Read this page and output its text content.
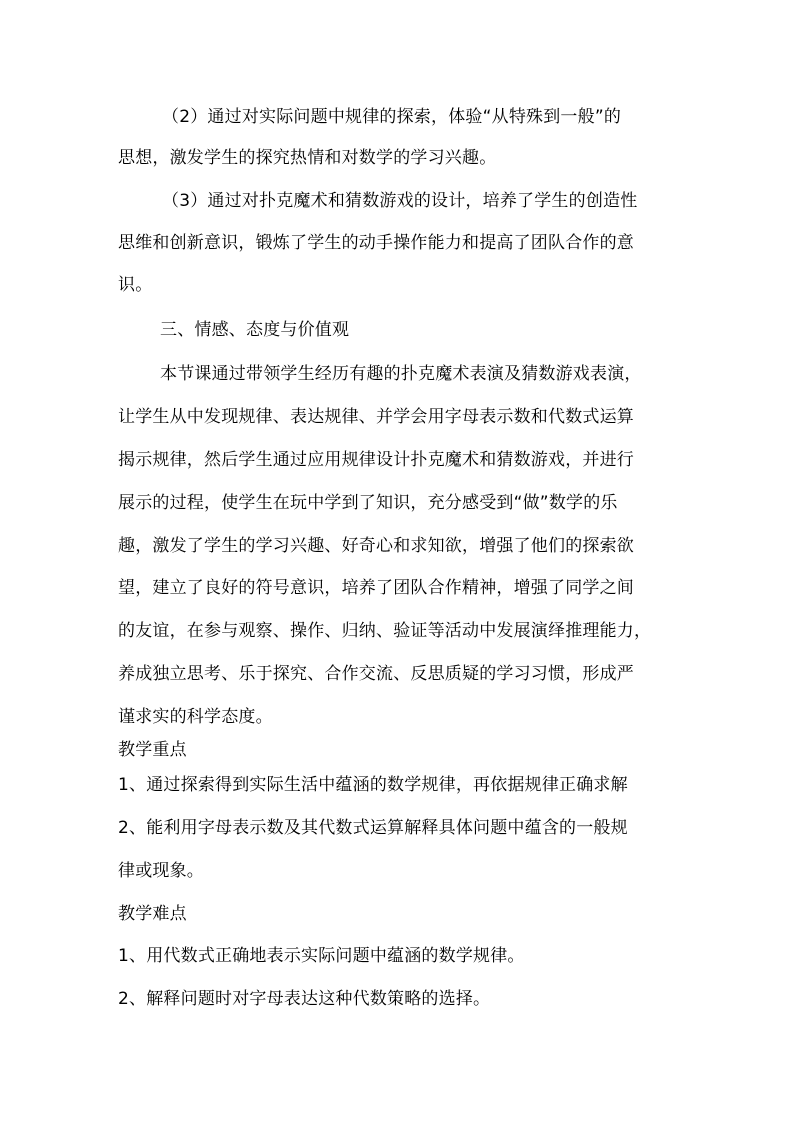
（2）通过对实际问题中规律的探索，体验“从特殊到一般”的
思想，激发学生的探究热情和对数学的学习兴趣。
（3）通过对扑克魔术和猜数游戏的设计，培养了学生的创造性
思维和创新意识，锻炼了学生的动手操作能力和提高了团队合作的意
识。
三、情感、态度与价值观
本节课通过带领学生经历有趣的扑克魔术表演及猜数游戏表演，
让学生从中发现规律、表达规律、并学会用字母表示数和代数式运算
揭示规律，然后学生通过应用规律设计扑克魔术和猜数游戏，并进行
展示的过程，使学生在玩中学到了知识，充分感受到“做”数学的乐
趣，激发了学生的学习兴趣、好奇心和求知欲，增强了他们的探索欲
望，建立了良好的符号意识，培养了团队合作精神，增强了同学之间
的友谊，在参与观察、操作、归纳、验证等活动中发展演绎推理能力，
养成独立思考、乐于探究、合作交流、反思质疑的学习习惯，形成严
谨求实的科学态度。
教学重点
1、通过探索得到实际生活中蕴涵的数学规律，再依据规律正确求解
2、能利用字母表示数及其代数式运算解释具体问题中蕴含的一般规
律或现象。
教学难点
1、用代数式正确地表示实际问题中蕴涵的数学规律。
2、解释问题时对字母表达这种代数策略的选择。
